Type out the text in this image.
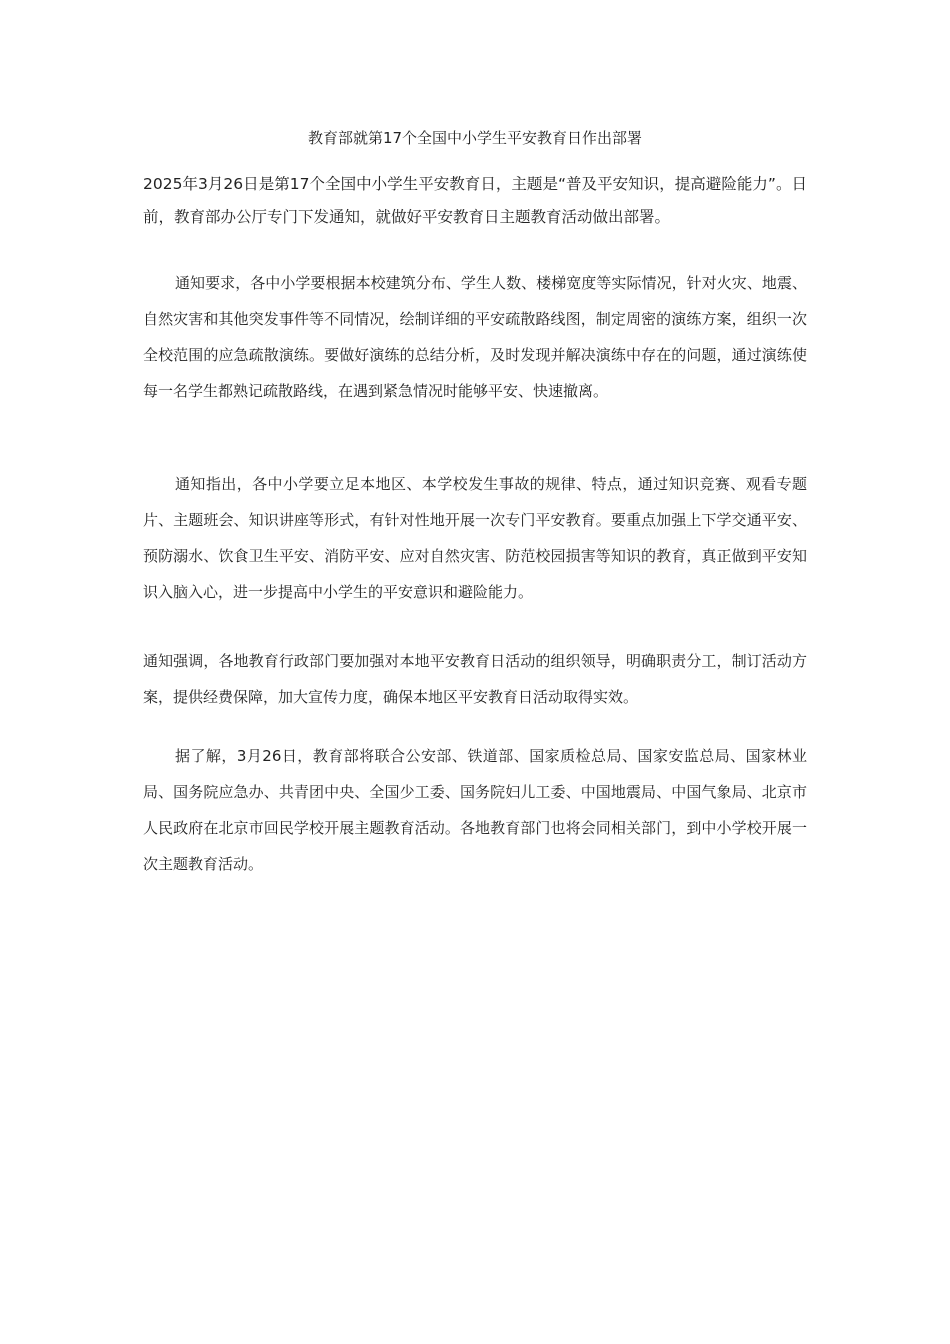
教育部就第17个全国中小学生平安教育日作出部署

2025年3月26日是第17个全国中小学生平安教育日，主题是“普及平安知识，提高避险能力”。日前，教育部办公厅专门下发通知，就做好平安教育日主题教育活动做出部署。

通知要求，各中小学要根据本校建筑分布、学生人数、楼梯宽度等实际情况，针对火灾、地震、自然灾害和其他突发事件等不同情况，绘制详细的平安疏散路线图，制定周密的演练方案，组织一次全校范围的应急疏散演练。要做好演练的总结分析，及时发现并解决演练中存在的问题，通过演练使每一名学生都熟记疏散路线，在遇到紧急情况时能够平安、快速撤离。

通知指出，各中小学要立足本地区、本学校发生事故的规律、特点，通过知识竞赛、观看专题片、主题班会、知识讲座等形式，有针对性地开展一次专门平安教育。要重点加强上下学交通平安、预防溺水、饮食卫生平安、消防平安、应对自然灾害、防范校园损害等知识的教育，真正做到平安知识入脑入心，进一步提高中小学生的平安意识和避险能力。

通知强调，各地教育行政部门要加强对本地平安教育日活动的组织领导，明确职责分工，制订活动方案，提供经费保障，加大宣传力度，确保本地区平安教育日活动取得实效。

据了解，3月26日，教育部将联合公安部、铁道部、国家质检总局、国家安监总局、国家林业局、国务院应急办、共青团中央、全国少工委、国务院妇儿工委、中国地震局、中国气象局、北京市人民政府在北京市回民学校开展主题教育活动。各地教育部门也将会同相关部门，到中小学校开展一次主题教育活动。
